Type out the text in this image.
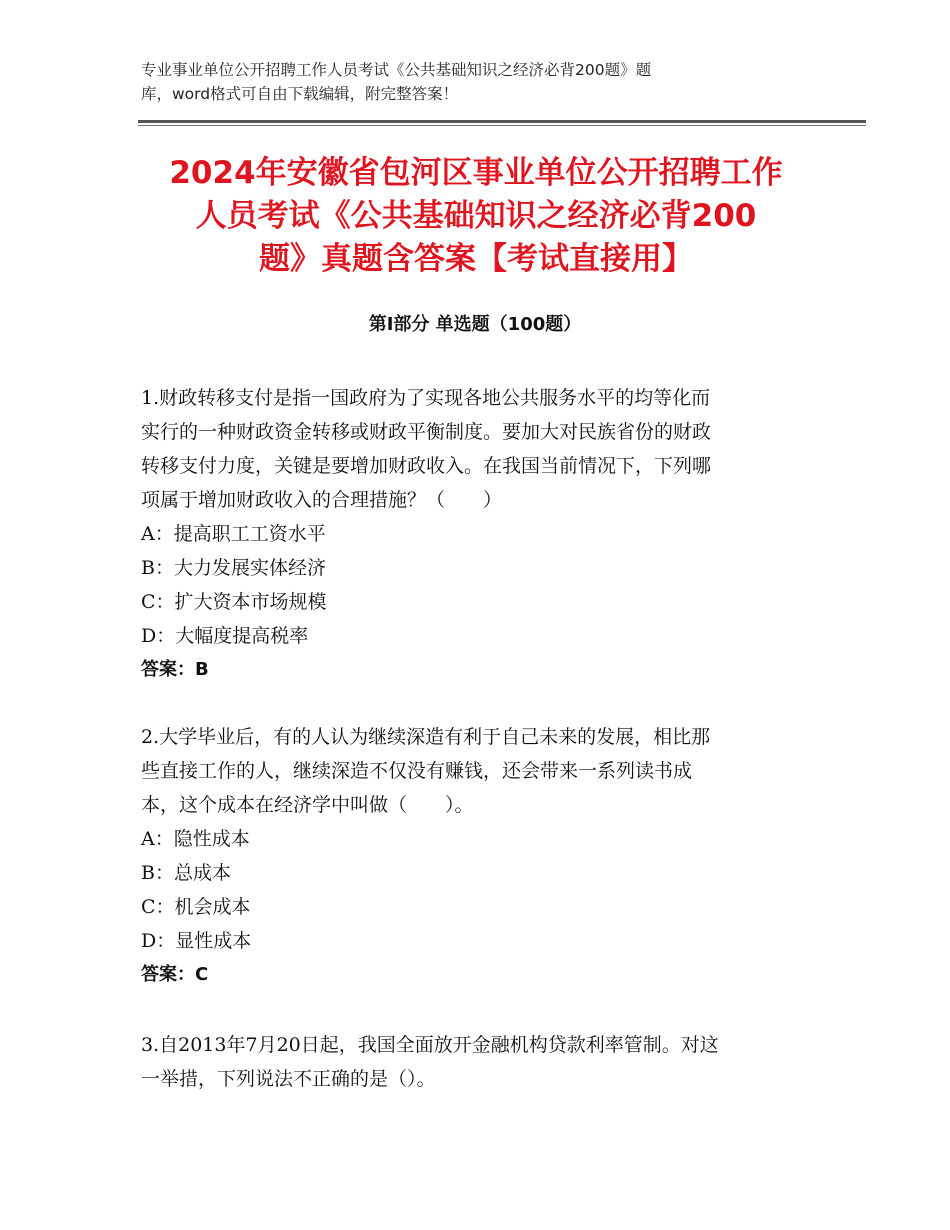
专业事业单位公开招聘工作人员考试《公共基础知识之经济必背200题》题
库，word格式可自由下载编辑，附完整答案！
2024年安徽省包河区事业单位公开招聘工作
人员考试《公共基础知识之经济必背200
题》真题含答案【考试直接用】
第Ⅰ部分 单选题（100题）

1.财政转移支付是指一国政府为了实现各地公共服务水平的均等化而

实行的一种财政资金转移或财政平衡制度。要加大对民族省份的财政

转移支付力度，关键是要增加财政收入。在我国当前情况下，下列哪

项属于增加财政收入的合理措施？（　　）

A：提高职工工资水平

B：大力发展实体经济

C：扩大资本市场规模

D：大幅度提高税率

答案：B

2.大学毕业后，有的人认为继续深造有利于自己未来的发展，相比那

些直接工作的人，继续深造不仅没有赚钱，还会带来一系列读书成

本，这个成本在经济学中叫做（　　）。

A：隐性成本

B：总成本

C：机会成本

D：显性成本

答案：C

3.自2013年7月20日起，我国全面放开金融机构贷款利率管制。对这

一举措，下列说法不正确的是（）。
